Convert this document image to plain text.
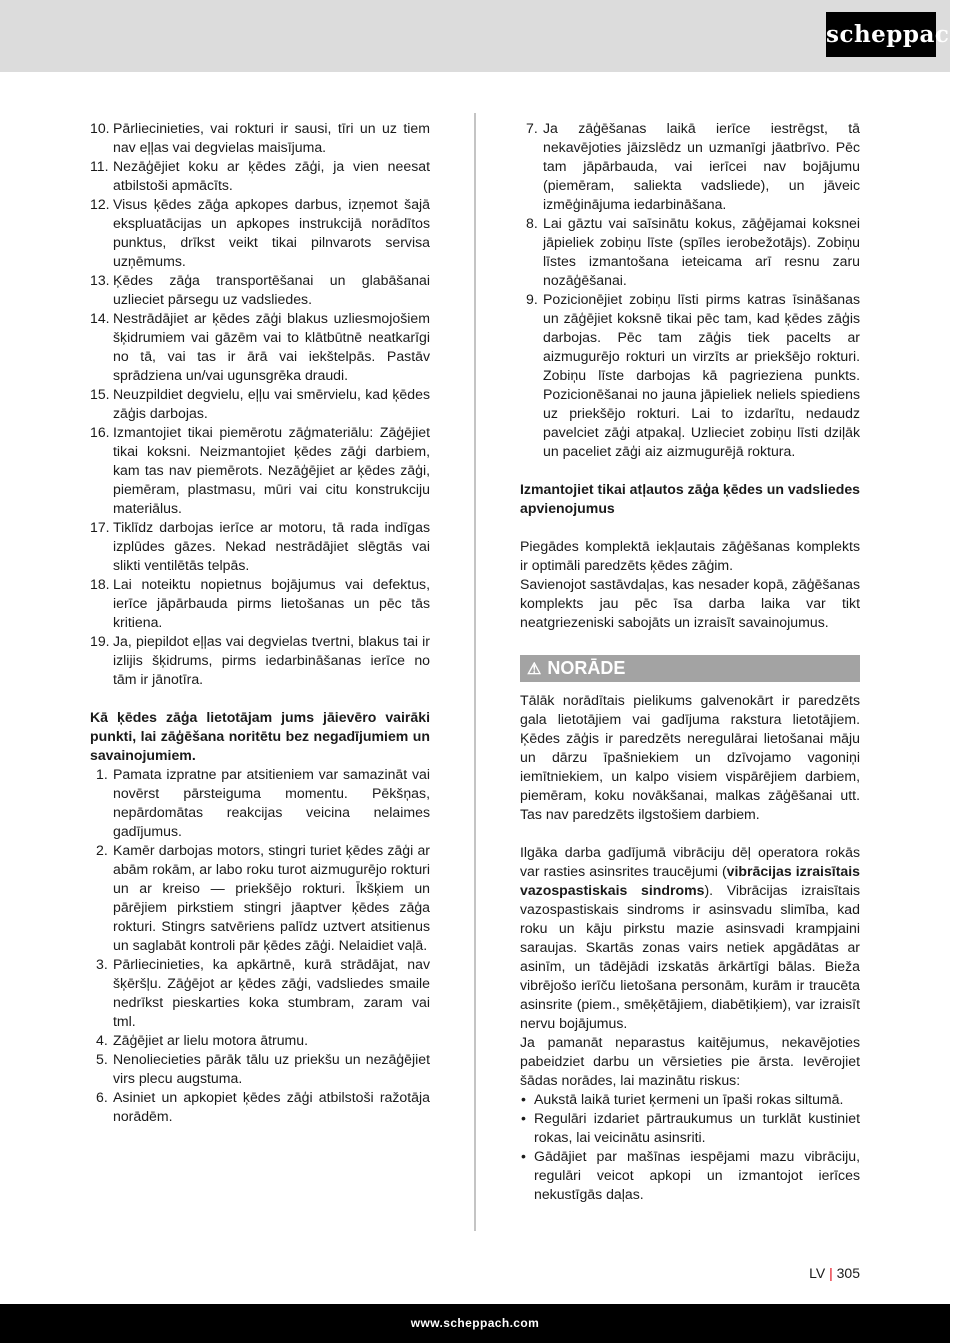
scheppach
10. Pārliecinieties, vai rokturi ir sausi, tīri un uz tiem nav eļļas vai degvielas maisījuma.
11. Nezāģējiet koku ar ķēdes zāģi, ja vien neesat atbilstoši apmācīts.
12. Visus ķēdes zāģa apkopes darbus, izņemot šajā ekspluatācijas un apkopes instrukcijā norādītos punktus, drīkst veikt tikai pilnvarots servisa uzņēmums.
13. Ķēdes zāģa transportēšanai un glabāšanai uzlieciet pārsegu uz vadsliedes.
14. Nestrādājiet ar ķēdes zāģi blakus uzliesmojošiem šķidrumiem vai gāzēm vai to klātbūtnē neatkarīgi no tā, vai tas ir ārā vai iekštelpās. Pastāv sprādziena un/vai ugunsgrēka draudi.
15. Neuzpildiet degvielu, eļļu vai smērvielu, kad ķēdes zāģis darbojas.
16. Izmantojiet tikai piemērotu zāģmateriālu: Zāģējiet tikai koksni. Neizmantojiet ķēdes zāģi darbiem, kam tas nav piemērots. Nezāģējiet ar ķēdes zāģi, piemēram, plastmasu, mūri vai citu konstrukciju materiālus.
17. Tiklīdz darbojas ierīce ar motoru, tā rada indīgas izplūdes gāzes. Nekad nestrādājiet slēgtās vai slikti ventilētās telpās.
18. Lai noteiktu nopietnus bojājumus vai defektus, ierīce jāpārbauda pirms lietošanas un pēc tās kritiena.
19. Ja, piepildot eļļas vai degvielas tvertni, blakus tai ir izlijis šķidrums, pirms iedarbināšanas ierīce no tām ir jānotīra.

Kā ķēdes zāģa lietotājam jums jāievēro vairāki punkti, lai zāģēšana noritētu bez negadījumiem un savainojumiem.

1. Pamata izpratne par atsitieniem var samazināt vai novērst pārsteiguma momentu. Pēkšņas, nepārdomātas reakcijas veicina nelaimes gadījumus.
2. Kamēr darbojas motors, stingri turiet ķēdes zāģi ar abām rokām, ar labo roku turot aizmugurējo rokturi un ar kreiso — priekšējo rokturi. Īkšķiem un pārējiem pirkstiem stingri jāaptver ķēdes zāģa rokturi. Stingrs satvēriens palīdz uztvert atsitienus un saglabāt kontroli pār ķēdes zāģi. Nelaidiet vaļā.
3. Pārliecinieties, ka apkārtnē, kurā strādājat, nav šķēršļu. Zāģējot ar ķēdes zāģi, vadsliedes smaile nedrīkst pieskarties koka stumbram, zaram vai tml.
4. Zāģējiet ar lielu motora ātrumu.
5. Nenoliecieties pārāk tālu uz priekšu un nezāģējiet virs plecu augstuma.
6. Asiniet un apkopiet ķēdes zāģi atbilstoši ražotāja norādēm.
7. Ja zāģēšanas laikā ierīce iestrēgst, tā nekavējoties jāizslēdz un uzmanīgi jāatbrīvo. Pēc tam jāpārbauda, vai ierīcei nav bojājumu (piemēram, saliekta vadsliede), un jāveic izmēģinājuma iedarbināšana.
8. Lai gāztu vai saīsinātu kokus, zāģējamai koksnei jāpieliek zobiņu līste (spīles ierobežotājs). Zobiņu līstes izmantošana ieteicama arī resnu zaru nozāģēšanai.
9. Pozicionējiet zobiņu līsti pirms katras īsināšanas un zāģējiet koksnē tikai pēc tam, kad ķēdes zāģis darbojas. Pēc tam zāģis tiek pacelts ar aizmugurējo rokturi un virzīts ar priekšējo rokturi. Zobiņu līste darbojas kā pagrieziena punkts. Pozicionēšanai no jauna jāpieliek neliels spiediens uz priekšējo rokturi. Lai to izdarītu, nedaudz pavelciet zāģi atpakaļ. Uzlieciet zobiņu līsti dziļāk un paceliet zāģi aiz aizmugurējā roktura.

Izmantojiet tikai atļautos zāģa ķēdes un vadsliedes apvienojumus

Piegādes komplektā iekļautais zāģēšanas komplekts ir optimāli paredzēts ķēdes zāģim.

Savienojot sastāvdaļas, kas nesader kopā, zāģēšanas komplekts jau pēc īsa darba laika var tikt neatgriezeniski sabojāts un izraisīt savainojumus.

⚠ NORĀDE

Tālāk norādītais pielikums galvenokārt ir paredzēts gala lietotājiem vai gadījuma rakstura lietotājiem. Ķēdes zāģis ir paredzēts neregulārai lietošanai māju un dārzu īpašniekiem un dzīvojamo vagoniņi iemītniekiem, un kalpo visiem vispārējiem darbiem, piemēram, koku novākšanai, malkas zāģēšanai utt. Tas nav paredzēts ilgstošiem darbiem.

Ilgāka darba gadījumā vibrāciju dēļ operatora rokās var rasties asinsrites traucējumi (vibrācijas izraisītais vazospastiskais sindroms). Vibrācijas izraisītais vazospastiskais sindroms ir asinsvadu slimība, kad roku un kāju pirkstu mazie asinsvadi krampjaini saraujas. Skartās zonas vairs netiek apgādātas ar asinīm, un tādējādi izskatās ārkārtīgi bālas. Bieža vibrējošo ierīču lietošana personām, kurām ir traucēta asinsrite (piem., smēķētājiem, diabētiķiem), var izraisīt nervu bojājumus.

Ja pamanāt neparastus kaitējumus, nekavējoties pabeidziet darbu un vērsieties pie ārsta. Ievērojiet šādas norādes, lai mazinātu riskus:

• Aukstā laikā turiet ķermeni un īpaši rokas siltumā.
• Regulāri izdariet pārtraukumus un turklāt kustiniet rokas, lai veicinātu asinsriti.
• Gādājiet par mašīnas iespējami mazu vibrāciju, regulāri veicot apkopi un izmantojot ierīces nekustīgās daļas.
LV | 305
www.scheppach.com
